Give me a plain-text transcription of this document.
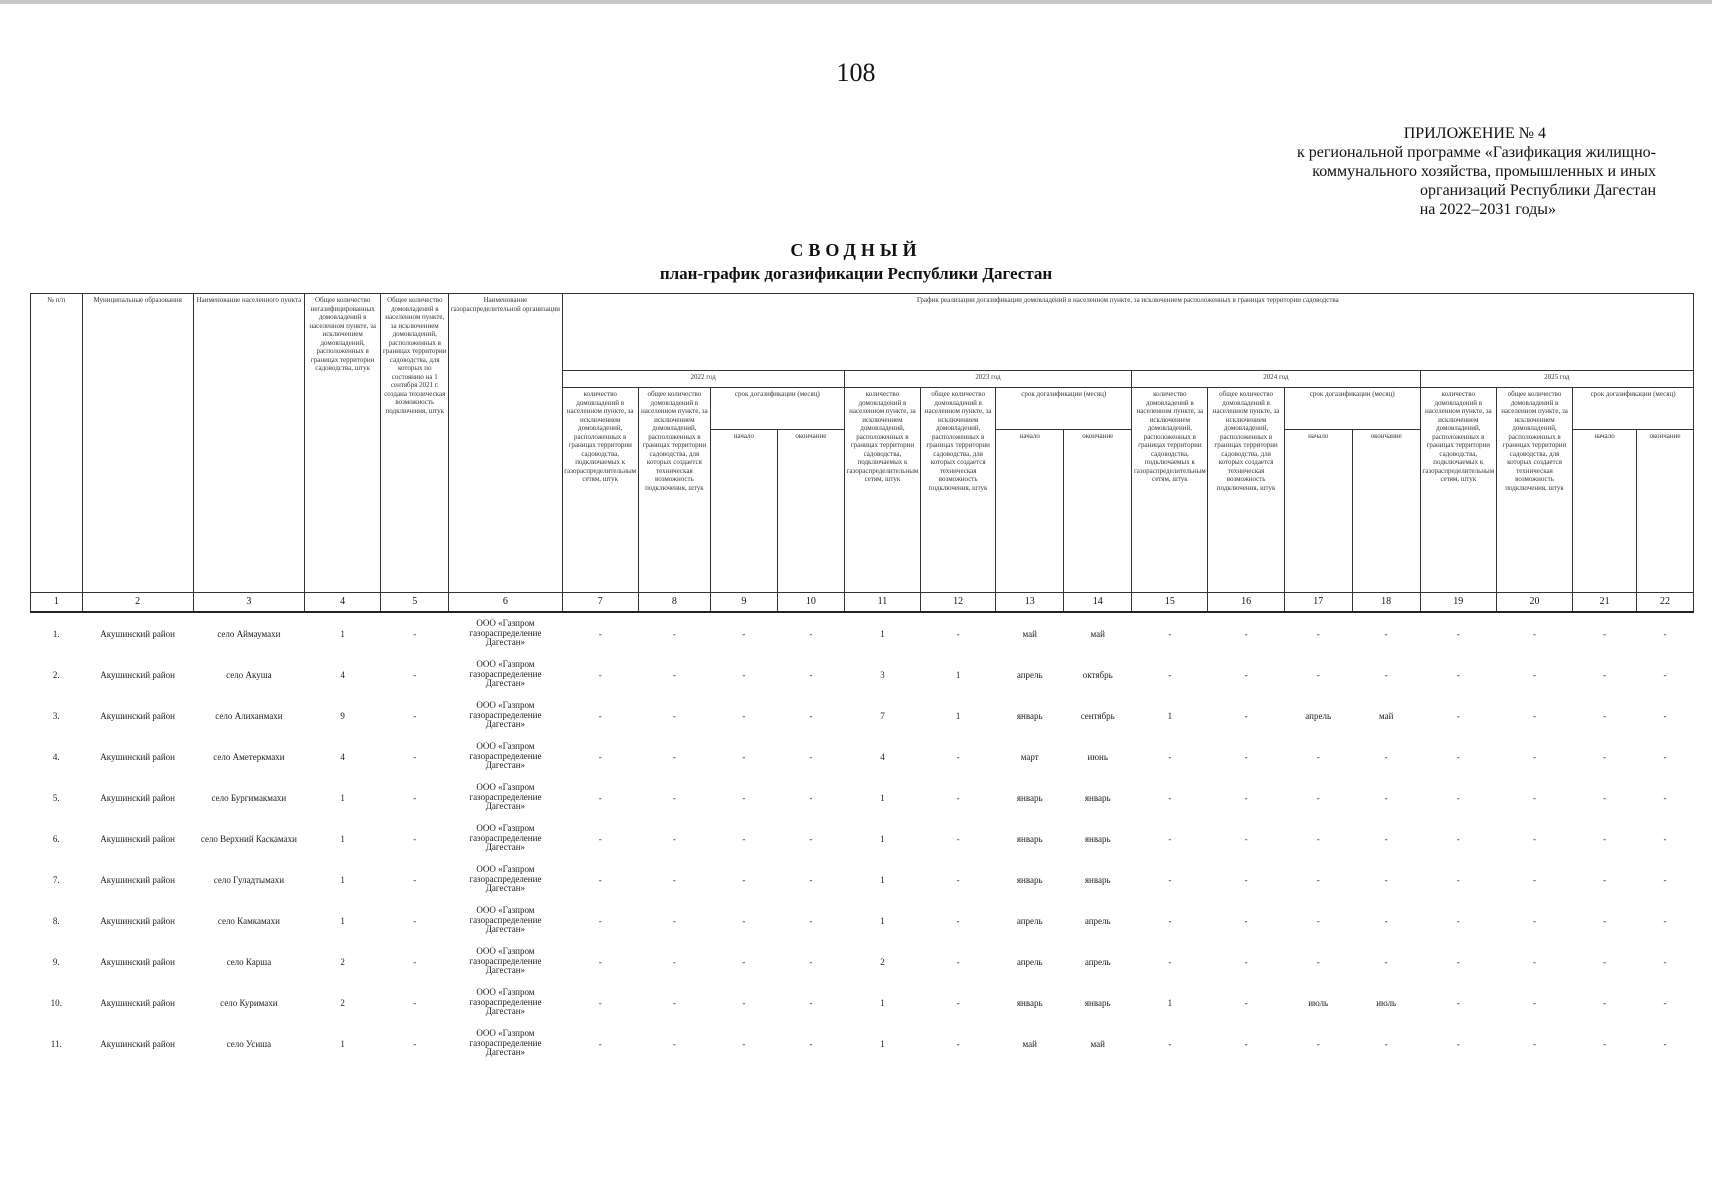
108
ПРИЛОЖЕНИЕ № 4
к региональной программе «Газификация жилищно-
коммунального хозяйства, промышленных и иных
организаций Республики Дагестан
на 2022–2031 годы»
СВОДНЫЙ
план-график догазификации Республики Дагестан
№ п/п	Муниципальные образования	Наименование населенного пункта	Общее количество негазифицированных домовладений в населенном пункте, за исключением домовладений, расположенных в границах территории садоводства, штук	Общее количество домовладений в населенном пункте, за исключением домовладений, расположенных в границах территории садоводства, для которых по состоянию на 1 сентября 2021 г. создана техническая возможность подключения, штук	Наименование газораспределительной организации	График реализации догазификации домовладений в населенном пункте, за исключением расположенных в границах территории садоводства															
						2022 год				2023 год				2024 год				2025 год			
						количество домовладений в населенном пункте, за исключением домовладений, расположенных в границах территории садоводства, подключаемых к газораспределительным сетям, штук	общее количество домовладений в населенном пункте, за исключением домовладений, расположенных в границах территории садоводства, для которых создается техническая возможность подключения, штук	срок догазификации (месяц)		количество домовладений в населенном пункте, за исключением домовладений, расположенных в границах территории садоводства, подключаемых к газораспределительным сетям, штук	общее количество домовладений в населенном пункте, за исключением домовладений, расположенных в границах территории садоводства, для которых создается техническая возможность подключения, штук	срок догазификации (месяц)		количество домовладений в населенном пункте, за исключением домовладений, расположенных в границах территории садоводства, подключаемых к газораспределительным сетям, штук	общее количество домовладений в населенном пункте, за исключением домовладений, расположенных в границах территории садоводства, для которых создается техническая возможность подключения, штук	срок догазификации (месяц)		количество домовладений в населенном пункте, за исключением домовладений, расположенных в границах территории садоводства, подключаемых к газораспределительным сетям, штук	общее количество домовладений в населенном пункте, за исключением домовладений, расположенных в границах территории садоводства, для которых создается техническая возможность подключения, штук	срок догазификации (месяц)	
								начало	окончание			начало	окончание			начало	окончание			начало	окончание
1	2	3	4	5	6	7	8	9	10	11	12	13	14	15	16	17	18	19	20	21	22
1.	Акушинский район	село Аймаумахи	1	-	ООО «Газпром газораспределение Дагестан»	-	-	-	-	1	-	май	май	-	-	-	-	-	-	-	-
2.	Акушинский район	село Акуша	4	-	ООО «Газпром газораспределение Дагестан»	-	-	-	-	3	1	апрель	октябрь	-	-	-	-	-	-	-	-
3.	Акушинский район	село Алиханмахи	9	-	ООО «Газпром газораспределение Дагестан»	-	-	-	-	7	1	январь	сентябрь	1	-	апрель	май	-	-	-	-
4.	Акушинский район	село Аметеркмахи	4	-	ООО «Газпром газораспределение Дагестан»	-	-	-	-	4	-	март	июнь	-	-	-	-	-	-	-	-
5.	Акушинский район	село Бургимакмахи	1	-	ООО «Газпром газораспределение Дагестан»	-	-	-	-	1	-	январь	январь	-	-	-	-	-	-	-	-
6.	Акушинский район	село Верхний Каскамахи	1	-	ООО «Газпром газораспределение Дагестан»	-	-	-	-	1	-	январь	январь	-	-	-	-	-	-	-	-
7.	Акушинский район	село Гуладтымахи	1	-	ООО «Газпром газораспределение Дагестан»	-	-	-	-	1	-	январь	январь	-	-	-	-	-	-	-	-
8.	Акушинский район	село Камкамахи	1	-	ООО «Газпром газораспределение Дагестан»	-	-	-	-	1	-	апрель	апрель	-	-	-	-	-	-	-	-
9.	Акушинский район	село Карша	2	-	ООО «Газпром газораспределение Дагестан»	-	-	-	-	2	-	апрель	апрель	-	-	-	-	-	-	-	-
10.	Акушинский район	село Куримахи	2	-	ООО «Газпром газораспределение Дагестан»	-	-	-	-	1	-	январь	январь	1	-	июль	июль	-	-	-	-
11.	Акушинский район	село Усиша	1	-	ООО «Газпром газораспределение Дагестан»	-	-	-	-	1	-	май	май	-	-	-	-	-	-	-	-
